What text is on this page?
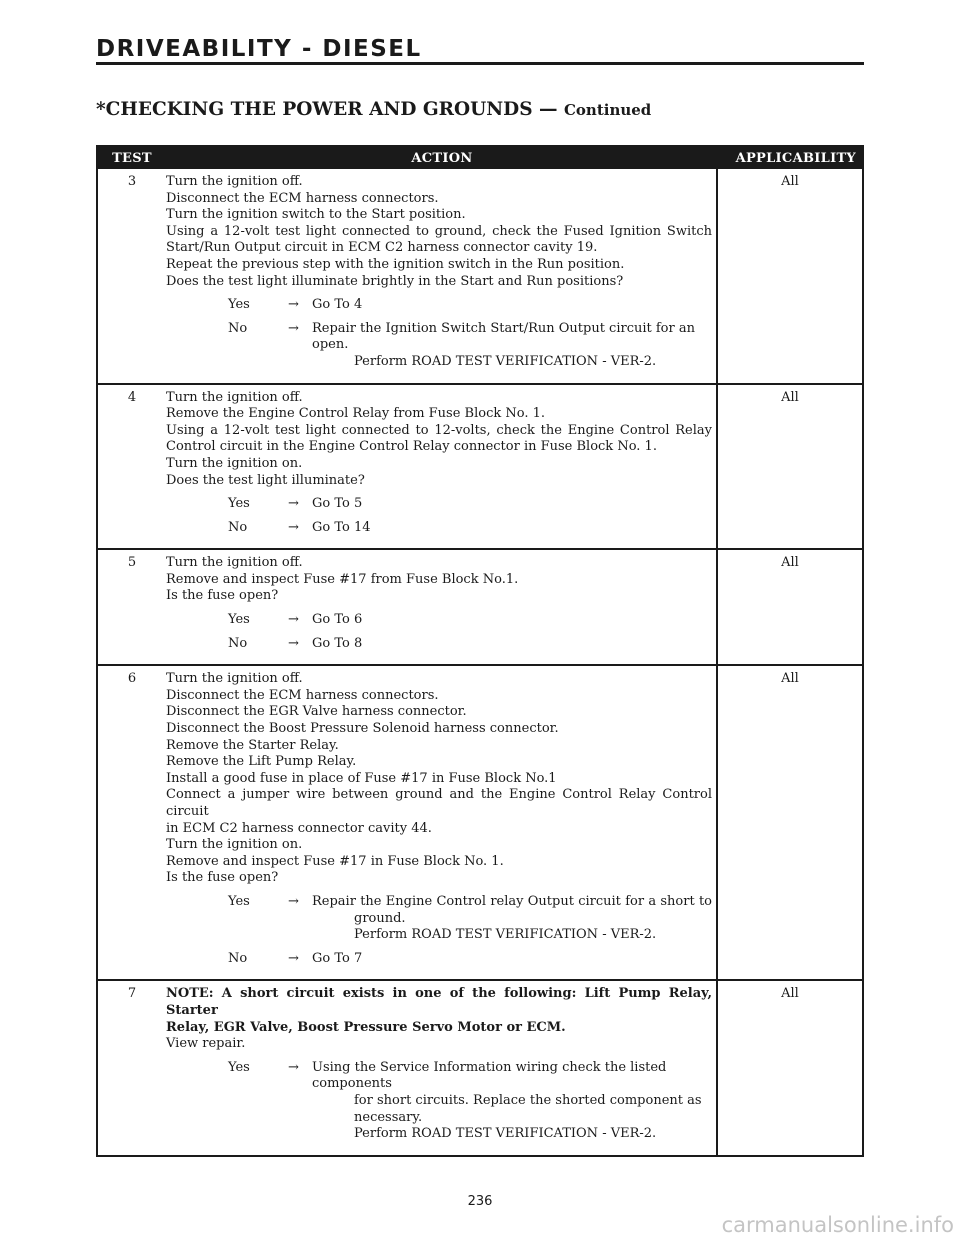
DRIVEABILITY - DIESEL
*CHECKING THE POWER AND GROUNDS — Continued
TEST	ACTION	APPLICABILITY
3	Turn the ignition off.
Disconnect the ECM harness connectors.
Turn the ignition switch to the Start position.
Using a 12-volt test light connected to ground, check the Fused Ignition Switch
Start/Run Output circuit in ECM C2 harness connector cavity 19.
Repeat the previous step with the ignition switch in the Run position.
Does the test light illuminate brightly in the Start and Run positions?
Yes	→	Go To 4
No	→	Repair the Ignition Switch Start/Run Output circuit for an open.
Perform ROAD TEST VERIFICATION - VER-2.
All
4	Turn the ignition off.
Remove the Engine Control Relay from Fuse Block No. 1.
Using a 12-volt test light connected to 12-volts, check the Engine Control Relay
Control circuit in the Engine Control Relay connector in Fuse Block No. 1.
Turn the ignition on.
Does the test light illuminate?
Yes	→	Go To 5
No	→	Go To 14
All
5	Turn the ignition off.
Remove and inspect Fuse #17 from Fuse Block No.1.
Is the fuse open?
Yes	→	Go To 6
No	→	Go To 8
All
6	Turn the ignition off.
Disconnect the ECM harness connectors.
Disconnect the EGR Valve harness connector.
Disconnect the Boost Pressure Solenoid harness connector.
Remove the Starter Relay.
Remove the Lift Pump Relay.
Install a good fuse in place of Fuse #17 in Fuse Block No.1
Connect a jumper wire between ground and the Engine Control Relay Control circuit
in ECM C2 harness connector cavity 44.
Turn the ignition on.
Remove and inspect Fuse #17 in Fuse Block No. 1.
Is the fuse open?
Yes	→	Repair the Engine Control relay Output circuit for a short to
ground.
Perform ROAD TEST VERIFICATION - VER-2.
No	→	Go To 7
All
7	NOTE: A short circuit exists in one of the following: Lift Pump Relay, Starter
Relay, EGR Valve, Boost Pressure Servo Motor or ECM.
View repair.
Yes	→	Using the Service Information wiring check the listed components
for short circuits. Replace the shorted component as necessary.
Perform ROAD TEST VERIFICATION - VER-2.
All
236
carmanualsonline.info
